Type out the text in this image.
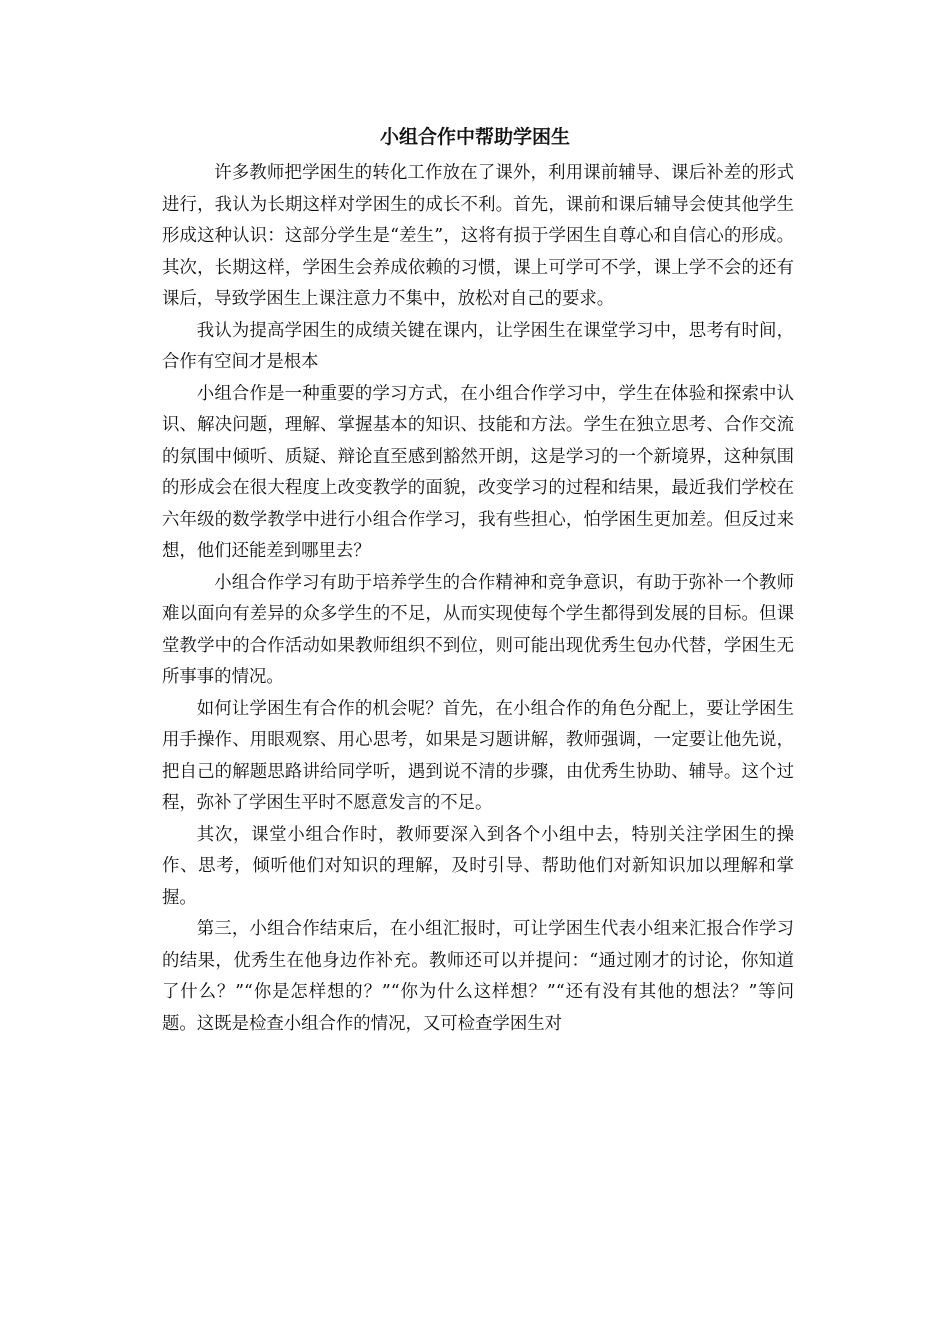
小组合作中帮助学困生

许多教师把学困生的转化工作放在了课外，利用课前辅导、课后补差的形式进行，我认为长期这样对学困生的成长不利。首先，课前和课后辅导会使其他学生形成这种认识：这部分学生是“差生”，这将有损于学困生自尊心和自信心的形成。其次，长期这样，学困生会养成依赖的习惯，课上可学可不学，课上学不会的还有课后，导致学困生上课注意力不集中，放松对自己的要求。

我认为提高学困生的成绩关键在课内，让学困生在课堂学习中，思考有时间，合作有空间才是根本

小组合作是一种重要的学习方式，在小组合作学习中，学生在体验和探索中认识、解决问题，理解、掌握基本的知识、技能和方法。学生在独立思考、合作交流的氛围中倾听、质疑、辩论直至感到豁然开朗，这是学习的一个新境界，这种氛围的形成会在很大程度上改变教学的面貌，改变学习的过程和结果，最近我们学校在六年级的数学教学中进行小组合作学习，我有些担心，怕学困生更加差。但反过来想，他们还能差到哪里去？

小组合作学习有助于培养学生的合作精神和竞争意识，有助于弥补一个教师难以面向有差异的众多学生的不足，从而实现使每个学生都得到发展的目标。但课堂教学中的合作活动如果教师组织不到位，则可能出现优秀生包办代替，学困生无所事事的情况。

如何让学困生有合作的机会呢？首先，在小组合作的角色分配上，要让学困生用手操作、用眼观察、用心思考，如果是习题讲解，教师强调，一定要让他先说，把自己的解题思路讲给同学听，遇到说不清的步骤，由优秀生协助、辅导。这个过程，弥补了学困生平时不愿意发言的不足。

其次，课堂小组合作时，教师要深入到各个小组中去，特别关注学困生的操作、思考，倾听他们对知识的理解，及时引导、帮助他们对新知识加以理解和掌握。

第三，小组合作结束后，在小组汇报时，可让学困生代表小组来汇报合作学习的结果，优秀生在他身边作补充。教师还可以并提问：“通过刚才的讨论，你知道了什么？”“你是怎样想的？”“你为什么这样想？”“还有没有其他的想法？”等问题。这既是检查小组合作的情况，又可检查学困生对
